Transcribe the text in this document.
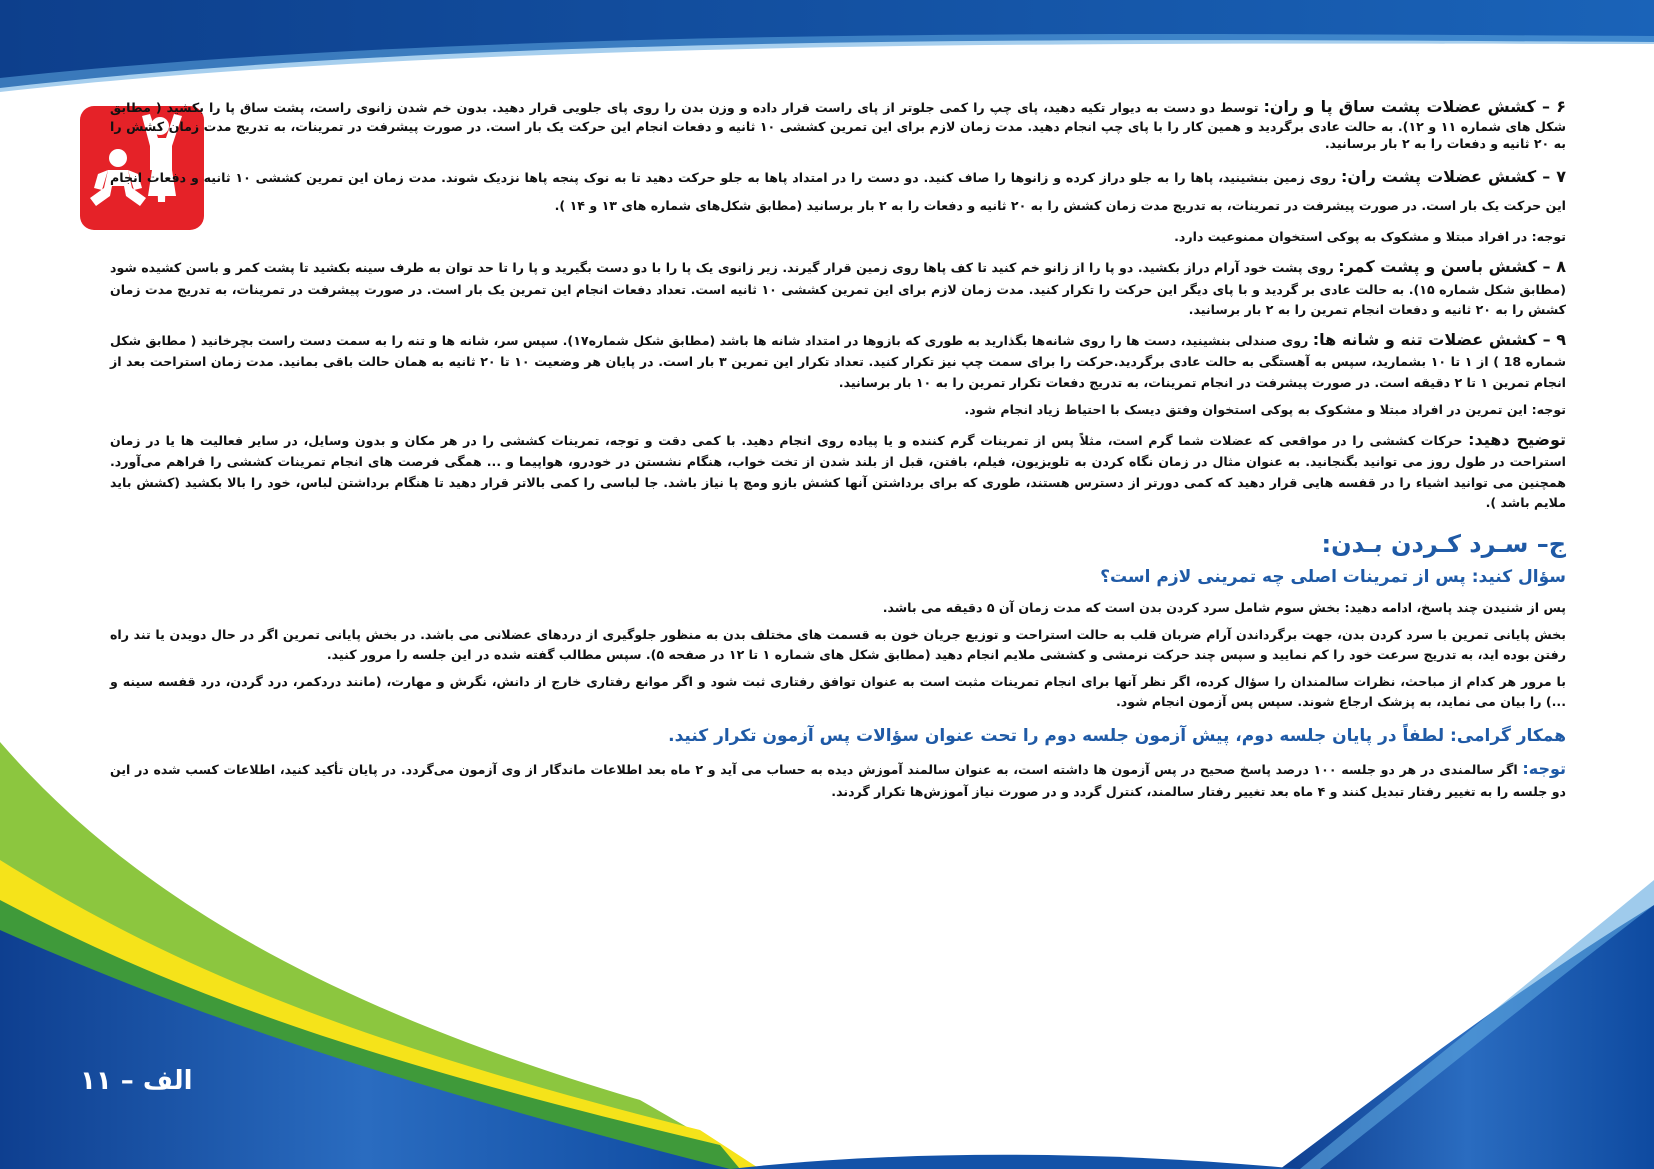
۶ – کشش عضلات پشت ساق پا و ران: توسط دو دست به دیوار تکیه دهید، پای چپ را کمی جلوتر از پای راست قرار داده و وزن بدن را روی پای جلویی قرار دهید. بدون خم شدن زانوی راست، پشت ساق پا را بکشید ( مطابق شکل های شماره ۱۱ و ۱۲). به حالت عادی برگردید و همین کار را با پای چپ انجام دهید. مدت زمان لازم برای این تمرین کششی ۱۰ ثانیه و دفعات انجام این حرکت یک بار است. در صورت پیشرفت در تمرینات، به تدریج مدت زمان کشش را به ۲۰ ثانیه و دفعات را به ۲ بار برسانید.

۷ – کشش عضلات پشت ران: روی زمین بنشینید، پاها را به جلو دراز کرده و زانوها را صاف کنید. دو دست را در امتداد پاها به جلو حرکت دهید تا به نوک پنجه پاها نزدیک شوند. مدت زمان این تمرین کششی ۱۰ ثانیه و دفعات انجام این حرکت یک بار است. در صورت پیشرفت در تمرینات، به تدریج مدت زمان کشش را به ۲۰ ثانیه و دفعات را به ۲ بار برسانید (مطابق شکل‌های شماره های ۱۳ و ۱۴ ).

توجه: در افراد مبتلا و مشکوک به پوکی استخوان ممنوعیت دارد.

۸ – کشش باسن و پشت کمر: روی پشت خود آرام دراز بکشید. دو پا را از زانو خم کنید تا کف پاها روی زمین قرار گیرند. زیر زانوی یک پا را با دو دست بگیرید و پا را تا حد توان به طرف سینه بکشید تا پشت کمر و باسن کشیده شود (مطابق شکل شماره ۱۵). به حالت عادی بر گردید و با پای دیگر این حرکت را تکرار کنید. مدت زمان لازم برای این تمرین کششی ۱۰ ثانیه است. تعداد دفعات انجام این تمرین یک بار است. در صورت پیشرفت در تمرینات، به تدریج مدت زمان کشش را به ۲۰ ثانیه و دفعات انجام تمرین را به ۲ بار برسانید.

۹ – کشش عضلات تنه و شانه ها: روی صندلی بنشینید، دست ها را روی شانه‌ها بگذارید به طوری که بازوها در امتداد شانه ها باشد (مطابق شکل شماره۱۷). سپس سر، شانه ها و تنه را به سمت دست راست بچرخانید ( مطابق شکل شماره 18 ) از ۱ تا ۱۰ بشمارید، سپس به آهستگی به حالت عادی برگردید.حرکت را برای سمت چپ نیز تکرار کنید. تعداد تکرار این تمرین ۳ بار است. در پایان هر وضعیت ۱۰ تا ۲۰ ثانیه به همان حالت باقی بمانید. مدت زمان استراحت بعد از انجام تمرین ۱ تا ۲ دقیقه است. در صورت پیشرفت در انجام تمرینات، به تدریج دفعات تکرار تمرین را به ۱۰ بار برسانید.

توجه: این تمرین در افراد مبتلا و مشکوک به پوکی استخوان وفتق دیسک با احتیاط زیاد انجام شود.

توضیح دهید: حرکات کششی را در مواقعی که عضلات شما گرم است، مثلاً پس از تمرینات گرم کننده و یا پیاده روی انجام دهید. با کمی دقت و توجه، تمرینات کششی را در هر مکان و بدون وسایل، در سایر فعالیت ها یا در زمان استراحت در طول روز می توانید بگنجانید. به عنوان مثال در زمان نگاه کردن به تلویزیون، فیلم، بافتن، قبل از بلند شدن از تخت خواب، هنگام نشستن در خودرو، هواپیما و ... همگی فرصت های انجام تمرینات کششی را فراهم می‌آورد. همچنین می توانید اشیاء را در قفسه هایی قرار دهید که کمی دورتر از دسترس هستند، طوری که برای برداشتن آنها کشش بازو ومچ پا نیاز باشد. جا لباسی را کمی بالاتر قرار دهید تا هنگام برداشتن لباس، خود را بالا بکشید (کشش باید ملایم باشد ).

ج– سـرد کـردن بـدن:
سؤال کنید: پس از تمرینات اصلی چه تمرینی لازم است؟

پس از شنیدن چند پاسخ، ادامه دهید: بخش سوم شامل سرد کردن بدن است که مدت زمان آن ۵ دقیقه می باشد.

بخش پایانی تمرین با سرد کردن بدن، جهت برگرداندن آرام ضربان قلب به حالت استراحت و توزیع جریان خون به قسمت های مختلف بدن به منظور جلوگیری از دردهای عضلانی می باشد. در بخش پایانی تمرین اگر در حال دویدن یا تند راه رفتن بوده اید، به تدریج سرعت خود را کم نمایید و سپس چند حرکت نرمشی و کششی ملایم انجام دهید (مطابق شکل های شماره ۱ تا ۱۲ در صفحه ۵). سپس مطالب گفته شده در این جلسه را مرور کنید.

با مرور هر کدام از مباحث، نظرات سالمندان را سؤال کرده، اگر نظر آنها برای انجام تمرینات مثبت است به عنوان توافق رفتاری ثبت شود و اگر موانع رفتاری خارج از دانش، نگرش و مهارت، (مانند دردکمر، درد گردن، درد قفسه سینه و ...) را بیان می نماید، به پزشک ارجاع شوند. سپس پس آزمون انجام شود.

همکار گرامی: لطفاً در پایان جلسه دوم، پیش آزمون جلسه دوم را تحت عنوان سؤالات پس آزمون تکرار کنید.

توجه: اگر سالمندی در هر دو جلسه ۱۰۰ درصد پاسخ صحیح در پس آزمون ها داشته است، به عنوان سالمند آموزش دیده به حساب می آید و ۲ ماه بعد اطلاعات ماندگار از وی آزمون می‌گردد. در پایان تأکید کنید، اطلاعات کسب شده در این دو جلسه را به تغییر رفتار تبدیل کنند و ۴ ماه بعد تغییر رفتار سالمند، کنترل گردد و در صورت نیاز آموزش‌ها تکرار گردند.

الف – ۱۱
